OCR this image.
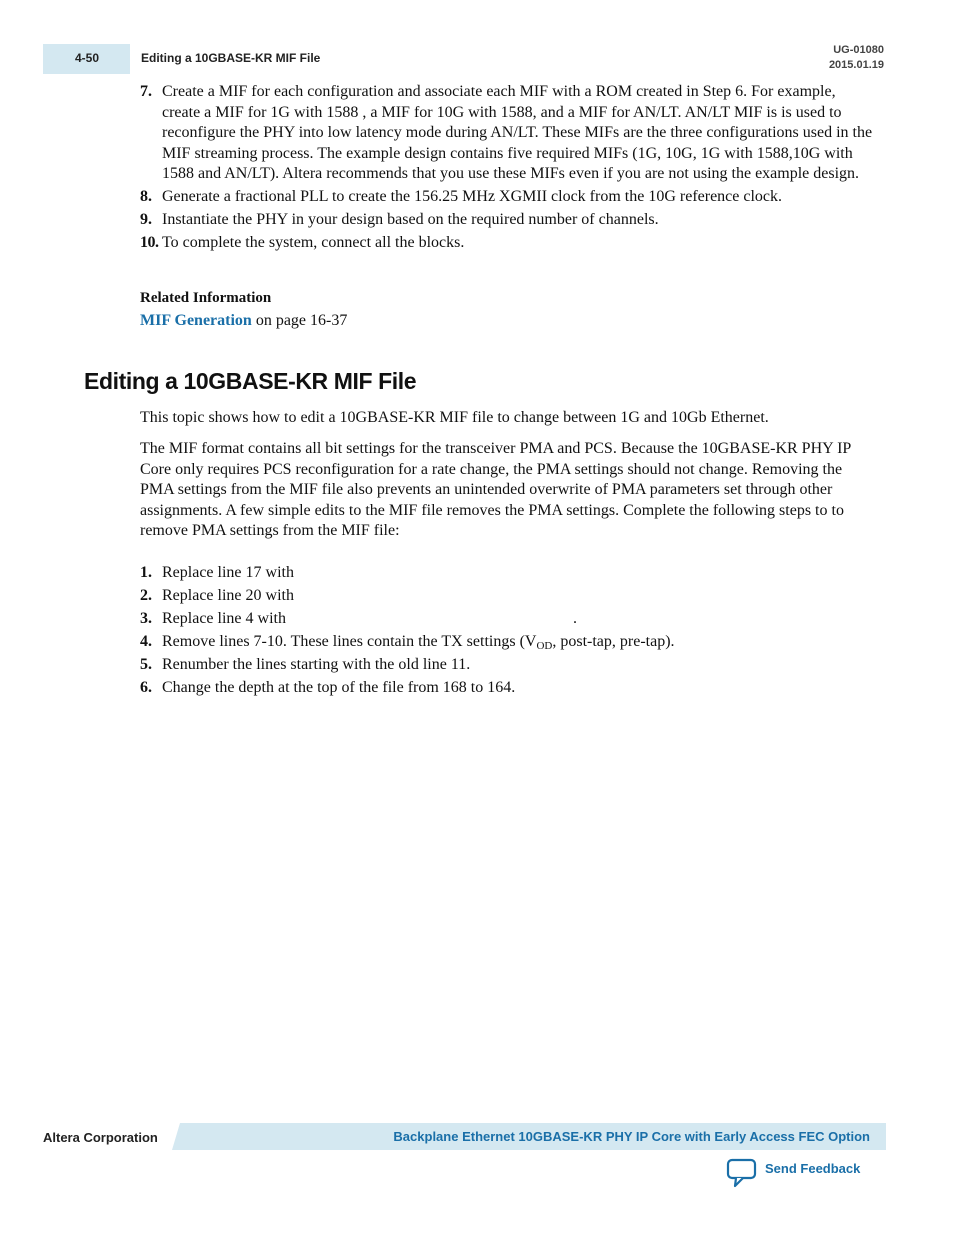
4-50	Editing a 10GBASE-KR MIF File
UG-01080
2015.01.19
7. Create a MIF for each configuration and associate each MIF with a ROM created in Step 6. For example, create a MIF for 1G with 1588 , a MIF for 10G with 1588, and a MIF for AN/LT. AN/LT MIF is is used to reconfigure the PHY into low latency mode during AN/LT. These MIFs are the three configurations used in the MIF streaming process. The example design contains five required MIFs (1G, 10G, 1G with 1588,10G with 1588 and AN/LT). Altera recommends that you use these MIFs even if you are not using the example design.
8. Generate a fractional PLL to create the 156.25 MHz XGMII clock from the 10G reference clock.
9. Instantiate the PHY in your design based on the required number of channels.
10. To complete the system, connect all the blocks.
Related Information
MIF Generation on page 16-37
Editing a 10GBASE-KR MIF File

This topic shows how to edit a 10GBASE-KR MIF file to change between 1G and 10Gb Ethernet.

The MIF format contains all bit settings for the transceiver PMA and PCS. Because the 10GBASE-KR PHY IP Core only requires PCS reconfiguration for a rate change, the PMA settings should not change. Removing the PMA settings from the MIF file also prevents an unintended overwrite of PMA parameters set through other assignments. A few simple edits to the MIF file removes the PMA settings. Complete the following steps to to remove PMA settings from the MIF file:

1. Replace line 17 with
2. Replace line 20 with
3. Replace line 4 with	.
4. Remove lines 7-10. These lines contain the TX settings ($V_{OD}$, post-tap, pre-tap).
5. Renumber the lines starting with the old line 11.
6. Change the depth at the top of the file from 168 to 164.
Altera Corporation	Backplane Ethernet 10GBASE-KR PHY IP Core with Early Access FEC Option
Send Feedback
